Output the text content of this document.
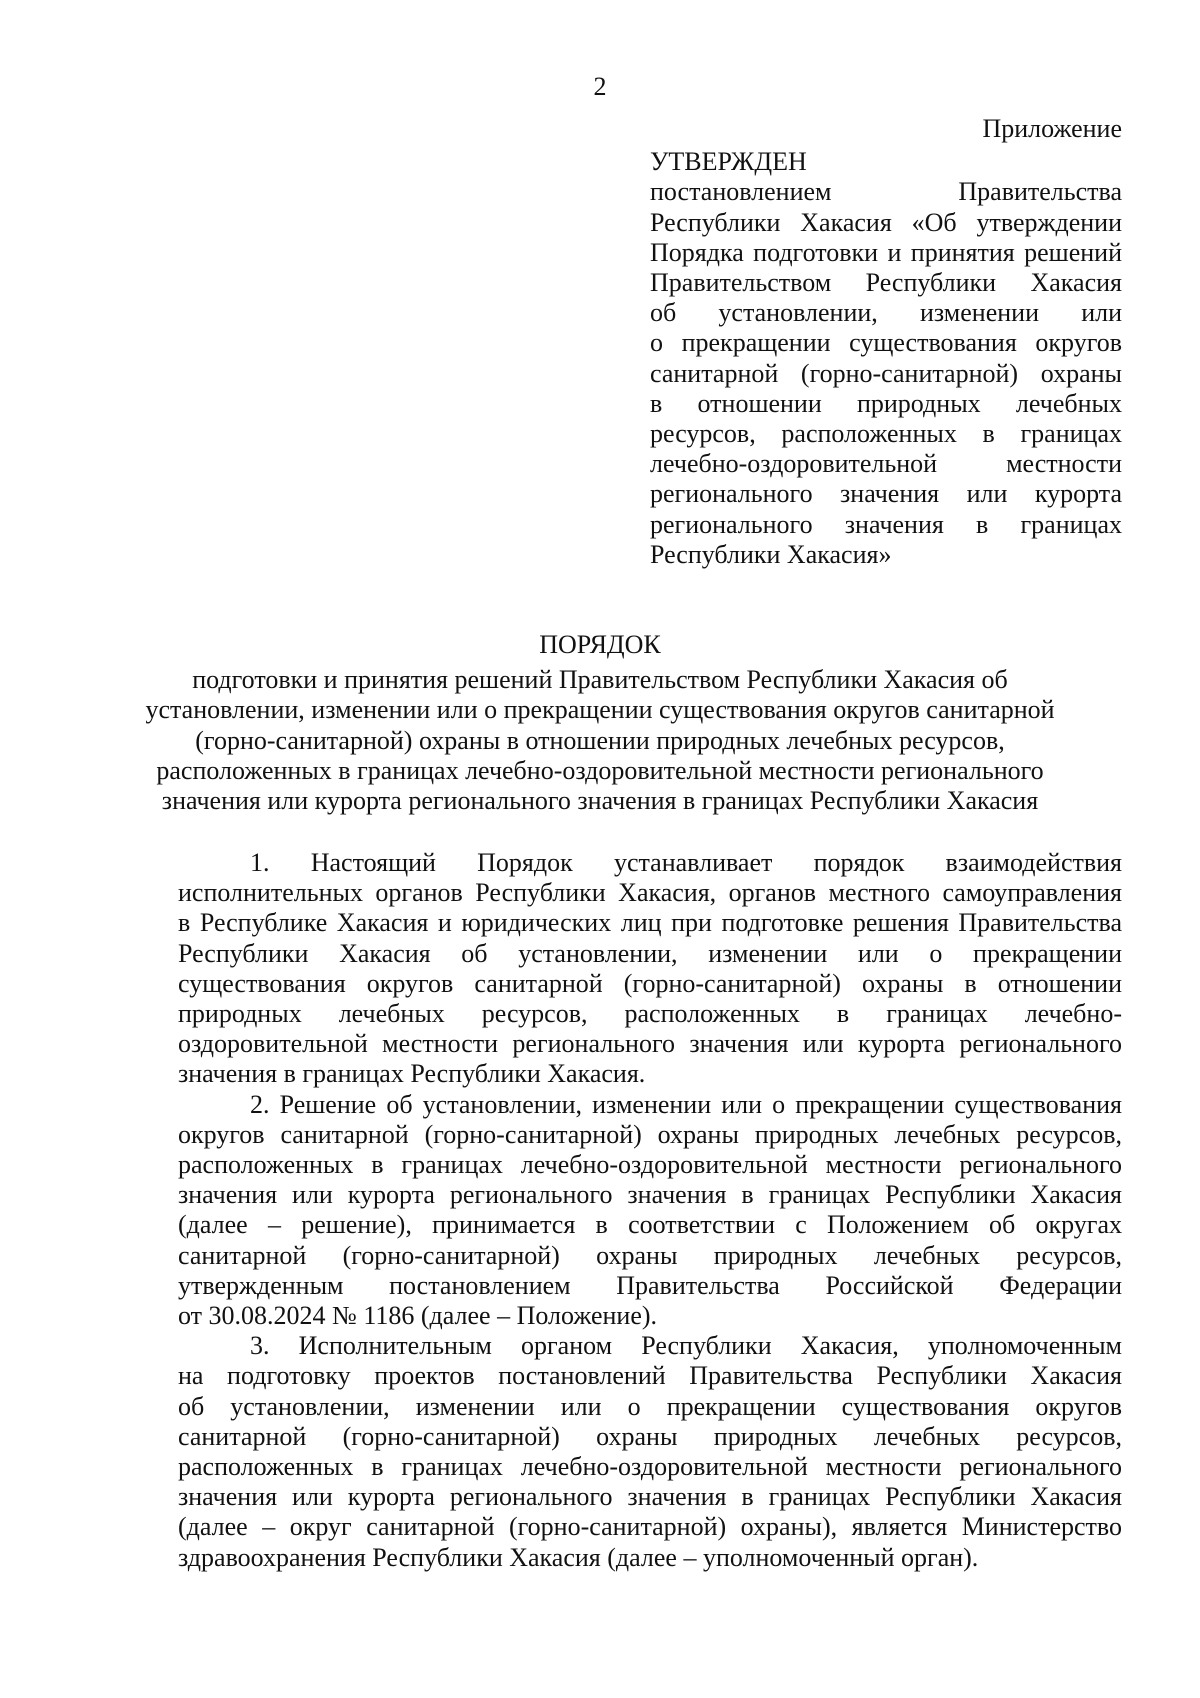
2
Приложение
УТВЕРЖДЕН
постановлением Правительства
Республики Хакасия «Об утверждении
Порядка подготовки и принятия решений
Правительством Республики Хакасия
об установлении, изменении или
о прекращении существования округов
санитарной (горно-санитарной) охраны
в отношении природных лечебных
ресурсов, расположенных в границах
лечебно-оздоровительной местности
регионального значения или курорта
регионального значения в границах
Республики Хакасия»
ПОРЯДОК
подготовки и принятия решений Правительством Республики Хакасия об
установлении, изменении или о прекращении существования округов санитарной
(горно-санитарной) охраны в отношении природных лечебных ресурсов,
расположенных в границах лечебно-оздоровительной местности регионального
значения или курорта регионального значения в границах Республики Хакасия
1. Настоящий Порядок устанавливает порядок взаимодействия
исполнительных органов Республики Хакасия, органов местного самоуправления
в Республике Хакасия и юридических лиц при подготовке решения Правительства
Республики Хакасия об установлении, изменении или о прекращении
существования округов санитарной (горно-санитарной) охраны в отношении
природных лечебных ресурсов, расположенных в границах лечебно-
оздоровительной местности регионального значения или курорта регионального
значения в границах Республики Хакасия.
2. Решение об установлении, изменении или о прекращении существования
округов санитарной (горно-санитарной) охраны природных лечебных ресурсов,
расположенных в границах лечебно-оздоровительной местности регионального
значения или курорта регионального значения в границах Республики Хакасия
(далее – решение), принимается в соответствии с Положением об округах
санитарной (горно-санитарной) охраны природных лечебных ресурсов,
утвержденным постановлением Правительства Российской Федерации
от 30.08.2024 № 1186 (далее – Положение).
3. Исполнительным органом Республики Хакасия, уполномоченным
на подготовку проектов постановлений Правительства Республики Хакасия
об установлении, изменении или о прекращении существования округов
санитарной (горно-санитарной) охраны природных лечебных ресурсов,
расположенных в границах лечебно-оздоровительной местности регионального
значения или курорта регионального значения в границах Республики Хакасия
(далее – округ санитарной (горно-санитарной) охраны), является Министерство
здравоохранения Республики Хакасия (далее – уполномоченный орган).
